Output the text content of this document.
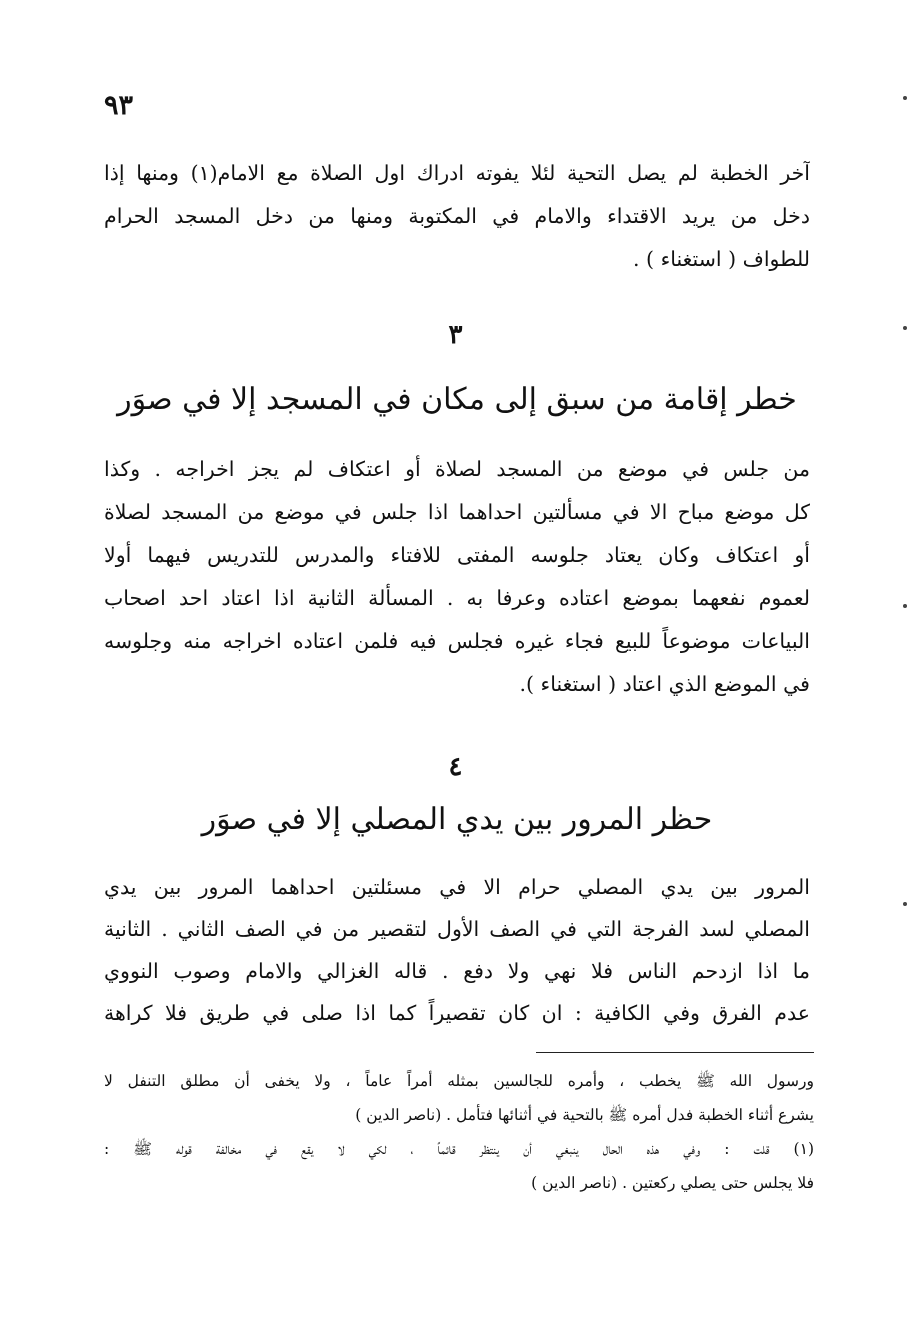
٩٣
آخر الخطبة لم يصل التحية لئلا يفوته ادراك اول الصلاة مع الامام(١) ومنها إذا
دخل من يريد الاقتداء والامام في المكتوبة ومنها من دخل المسجد الحرام
للطواف ( استغناء ) .
٣
خطر إقامة من سبق إلى مكان في المسجد إلا في صوَر
من جلس في موضع من المسجد لصلاة أو اعتكاف لم يجز اخراجه . وكذا
كل موضع مباح الا في مسألتين احداهما اذا جلس في موضع من المسجد لصلاة
أو اعتكاف وكان يعتاد جلوسه المفتى للافتاء والمدرس للتدريس فيهما أولا
لعموم نفعهما بموضع اعتاده وعرفا به . المسألة الثانية اذا اعتاد احد اصحاب
البياعات موضوعاً للبيع فجاء غيره فجلس فيه فلمن اعتاده اخراجه منه وجلوسه
في الموضع الذي اعتاد ( استغناء ).
٤
حظر المرور بين يدي المصلي إلا في صوَر
المرور بين يدي المصلي حرام الا في مسئلتين احداهما المرور بين يدي
المصلي لسد الفرجة التي في الصف الأول لتقصير من في الصف الثاني . الثانية
ما اذا ازدحم الناس فلا نهي ولا دفع . قاله الغزالي والامام وصوب النووي
عدم الفرق وفي الكافية : ان كان تقصيراً كما اذا صلى في طريق فلا كراهة
ورسول الله ﷺ يخطب ، وأمره للجالسين بمثله أمراً عاماً ، ولا يخفى أن مطلق التنفل لا
يشرع أثناء الخطبة فدل أمره ﷺ بالتحية في أثنائها فتأمل . (ناصر الدين )
(١) قلت : وفي هذه الحال ينبغي أن ينتظر قائماً ، لكي لا يقع في مخالفة قوله ﷺ :
فلا يجلس حتى يصلي ركعتين . (ناصر الدين )
